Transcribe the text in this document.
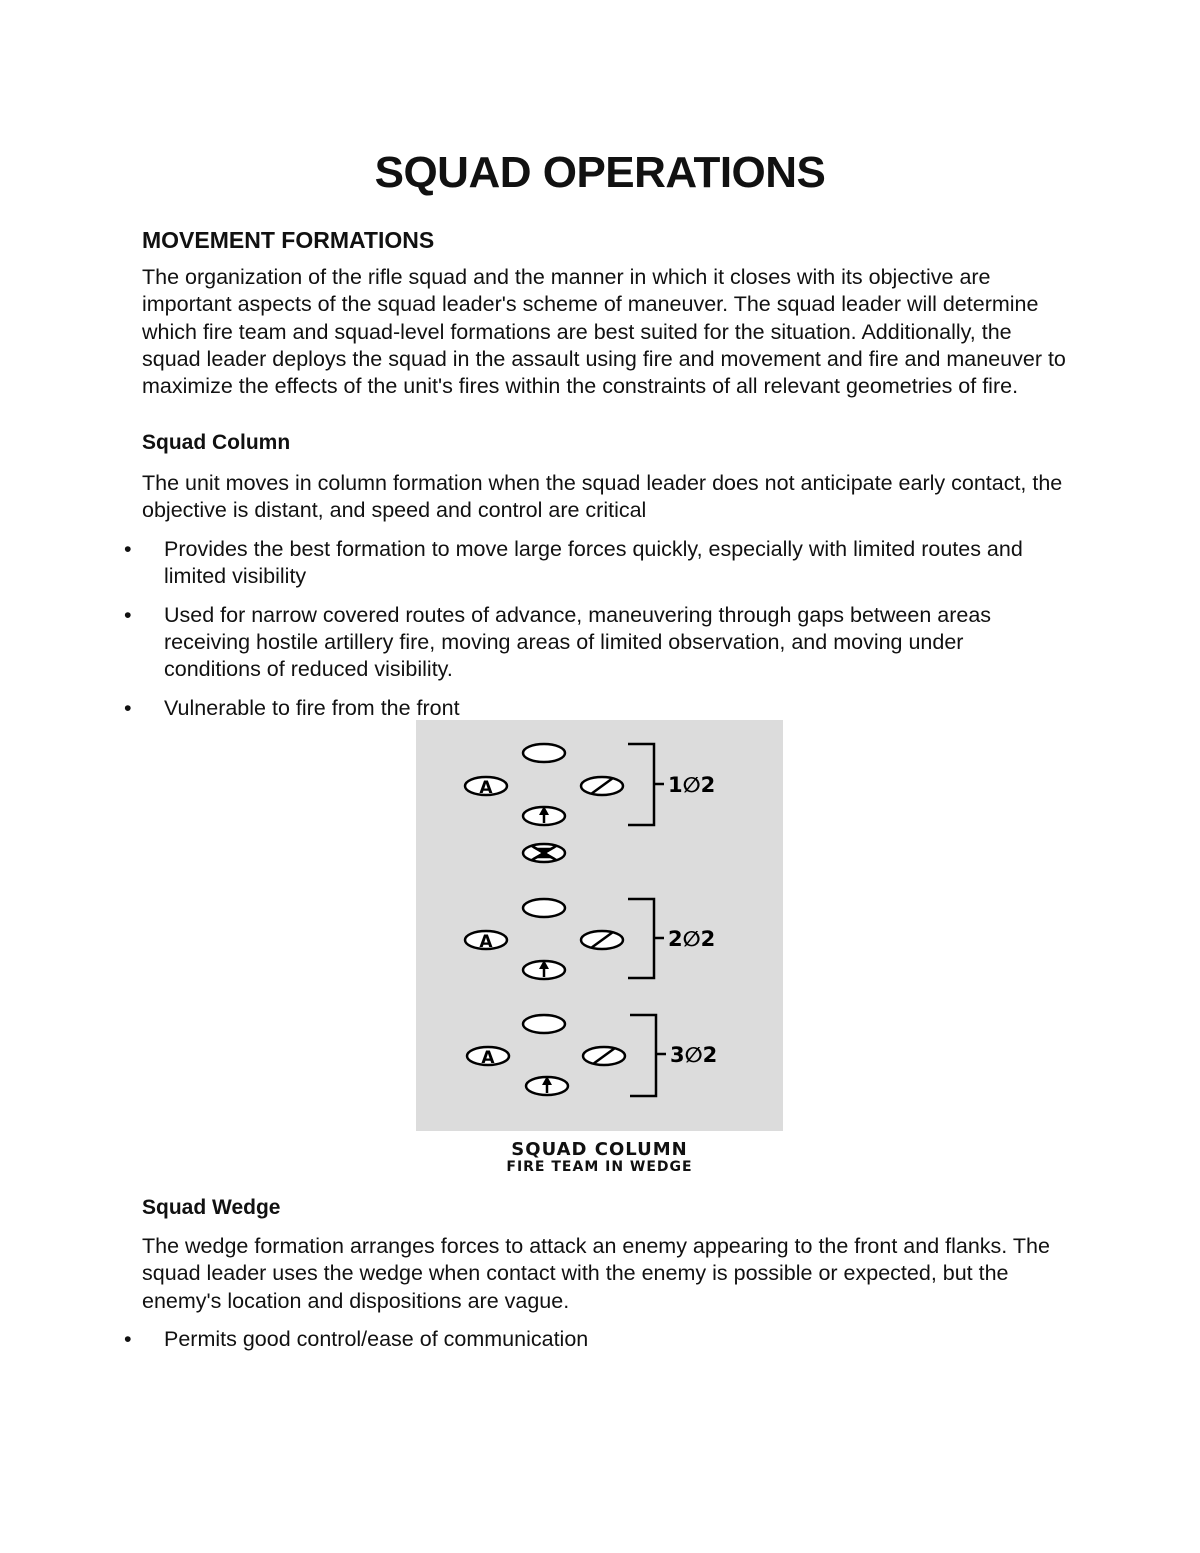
SQUAD OPERATIONS
MOVEMENT FORMATIONS

The organization of the rifle squad and the manner in which it closes with its objective are important aspects of the squad leader's scheme of maneuver. The squad leader will determine which fire team and squad-level formations are best suited for the situation. Additionally, the squad leader deploys the squad in the assault using fire and movement and fire and maneuver to maximize the effects of the unit's fires within the constraints of all relevant geometries of fire.

Squad Column

The unit moves in column formation when the squad leader does not anticipate early contact, the objective is distant, and speed and control are critical

•	Provides the best formation to move large forces quickly, especially with limited routes and limited visibility
•	Used for narrow covered routes of advance, maneuvering through gaps between areas receiving hostile artillery fire, moving areas of limited observation, and moving under conditions of reduced visibility.
•	Vulnerable to fire from the front
A	1∅2
A	2∅2
A	3∅2

SQUAD COLUMN
FIRE TEAM IN WEDGE

Squad Wedge

The wedge formation arranges forces to attack an enemy appearing to the front and flanks. The squad leader uses the wedge when contact with the enemy is possible or expected, but the enemy's location and dispositions are vague.

•	Permits good control/ease of communication
